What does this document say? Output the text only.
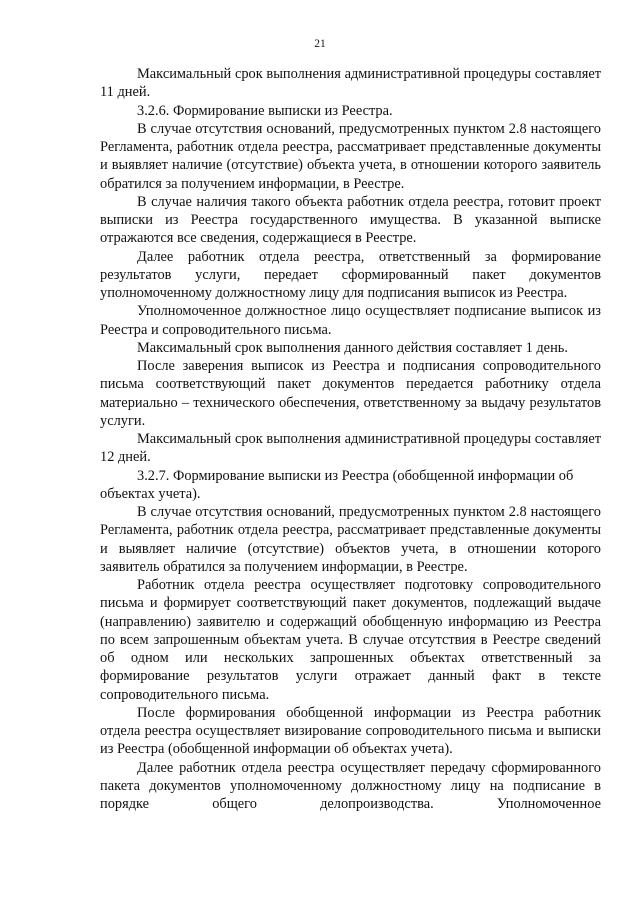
21

Максимальный срок выполнения административной процедуры составляет 11 дней.

3.2.6. Формирование выписки из Реестра.

В случае отсутствия оснований, предусмотренных пунктом 2.8 настоящего Регламента, работник отдела реестра, рассматривает представленные документы и выявляет наличие (отсутствие) объекта учета, в отношении которого заявитель обратился за получением информации, в Реестре.

В случае наличия такого объекта работник отдела реестра, готовит проект выписки из Реестра государственного имущества. В указанной выписке отражаются все сведения, содержащиеся в Реестре.

Далее работник отдела реестра, ответственный за формирование результатов услуги, передает сформированный пакет документов уполномоченному должностному лицу для подписания выписок из Реестра.

Уполномоченное должностное лицо осуществляет подписание выписок из Реестра и сопроводительного письма.

Максимальный срок выполнения данного действия составляет 1 день.

После заверения выписок из Реестра и подписания сопроводительного письма соответствующий пакет документов передается работнику отдела материально – технического обеспечения, ответственному за выдачу результатов услуги.

Максимальный срок выполнения административной процедуры составляет 12 дней.

3.2.7. Формирование выписки из Реестра (обобщенной информации об объектах учета).

В случае отсутствия оснований, предусмотренных пунктом 2.8 настоящего Регламента, работник отдела реестра, рассматривает представленные документы и выявляет наличие (отсутствие) объектов учета, в отношении которого заявитель обратился за получением информации, в Реестре.

Работник отдела реестра осуществляет подготовку сопроводительного письма и формирует соответствующий пакет документов, подлежащий выдаче (направлению) заявителю и содержащий обобщенную информацию из Реестра по всем запрошенным объектам учета. В случае отсутствия в Реестре сведений об одном или нескольких запрошенных объектах ответственный за формирование результатов услуги отражает данный факт в тексте сопроводительного письма.

После формирования обобщенной информации из Реестра работник отдела реестра осуществляет визирование сопроводительного письма и выписки из Реестра (обобщенной информации об объектах учета).

Далее работник отдела реестра осуществляет передачу сформированного пакета документов уполномоченному должностному лицу на подписание в порядке общего делопроизводства. Уполномоченное
